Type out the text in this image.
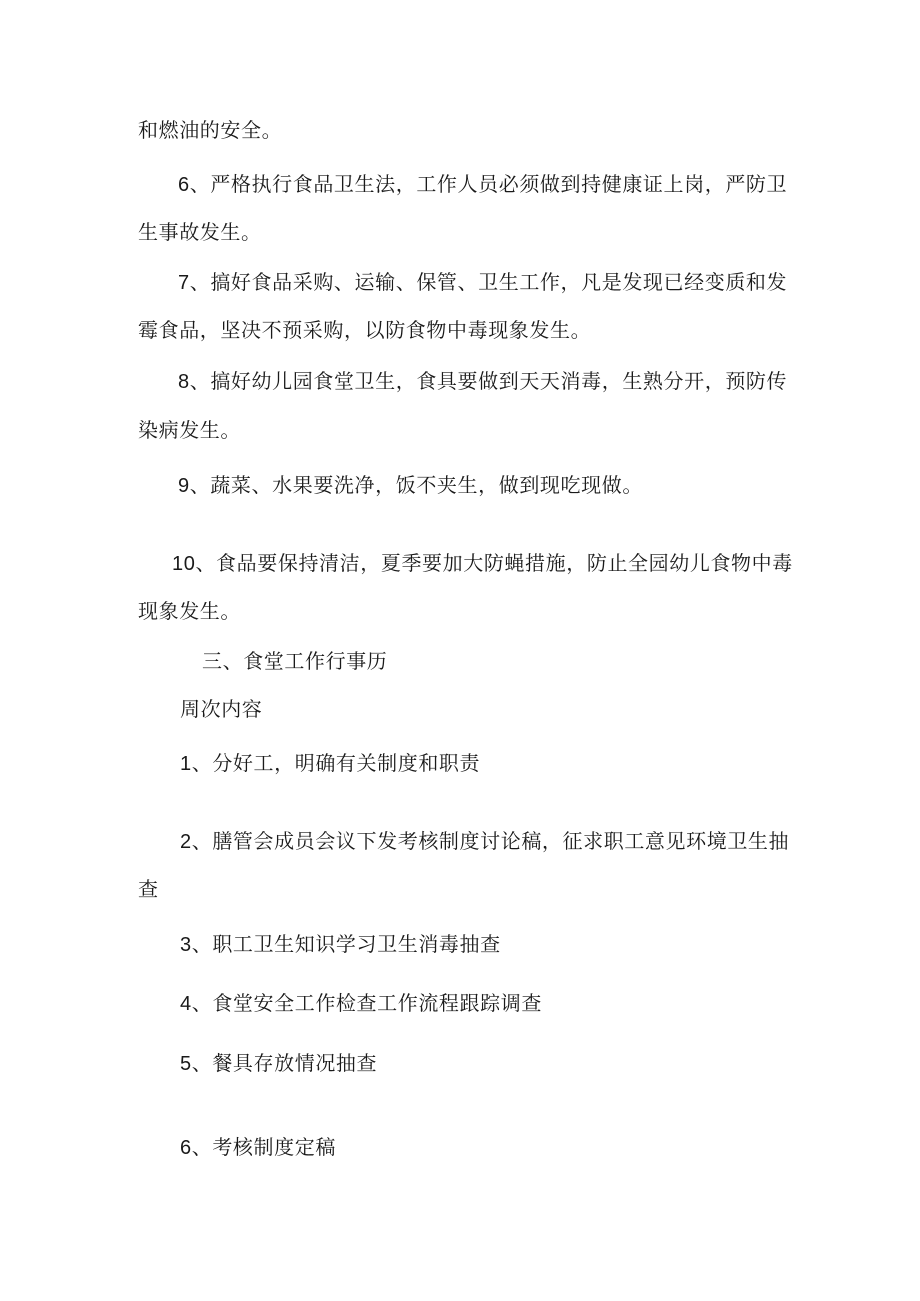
和燃油的安全。
6、严格执行食品卫生法，工作人员必须做到持健康证上岗，严防卫
生事故发生。
7、搞好食品采购、运输、保管、卫生工作，凡是发现已经变质和发
霉食品，坚决不预采购，以防食物中毒现象发生。
8、搞好幼儿园食堂卫生，食具要做到天天消毒，生熟分开，预防传
染病发生。
9、蔬菜、水果要洗净，饭不夹生，做到现吃现做。
10、食品要保持清洁，夏季要加大防蝇措施，防止全园幼儿食物中毒
现象发生。
三、食堂工作行事历
周次内容
1、分好工，明确有关制度和职责
2、膳管会成员会议下发考核制度讨论稿，征求职工意见环境卫生抽
查
3、职工卫生知识学习卫生消毒抽查
4、食堂安全工作检查工作流程跟踪调查
5、餐具存放情况抽查
6、考核制度定稿
